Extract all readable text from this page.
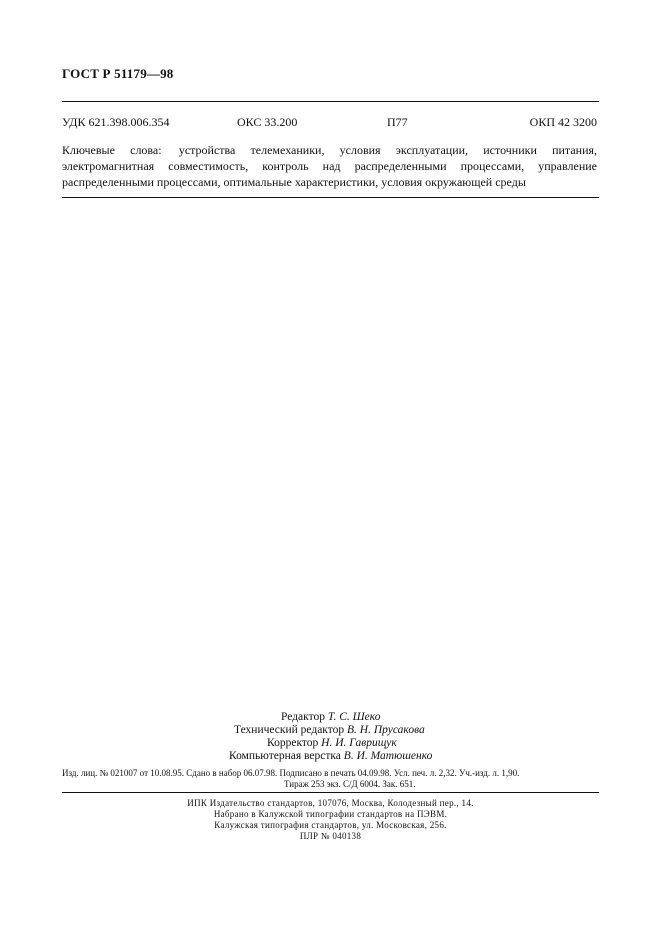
ГОСТ Р 51179—98
УДК 621.398.006.354	ОКС 33.200	П77	ОКП 42 3200
Ключевые слова: устройства телемеханики, условия эксплуатации, источники питания, электромагнитная совместимость, контроль над распределенными процессами, управление распределенными процессами, оптимальные характеристики, условия окружающей среды
Редактор Т. С. Шеко
Технический редактор В. Н. Прусакова
Корректор Н. И. Гаврищук
Компьютерная верстка В. И. Матюшенко
Изд. лиц. № 021007 от 10.08.95. Сдано в набор 06.07.98. Подписано в печать 04.09.98. Усл. печ. л. 2,32. Уч.-изд. л. 1,90.
Тираж 253 экз. С/Д 6004. Зак. 651.
ИПК Издательство стандартов, 107076, Москва, Колодезный пер., 14.
Набрано в Калужской типографии стандартов на ПЭВМ.
Калужская типография стандартов, ул. Московская, 256.
ПЛР № 040138
